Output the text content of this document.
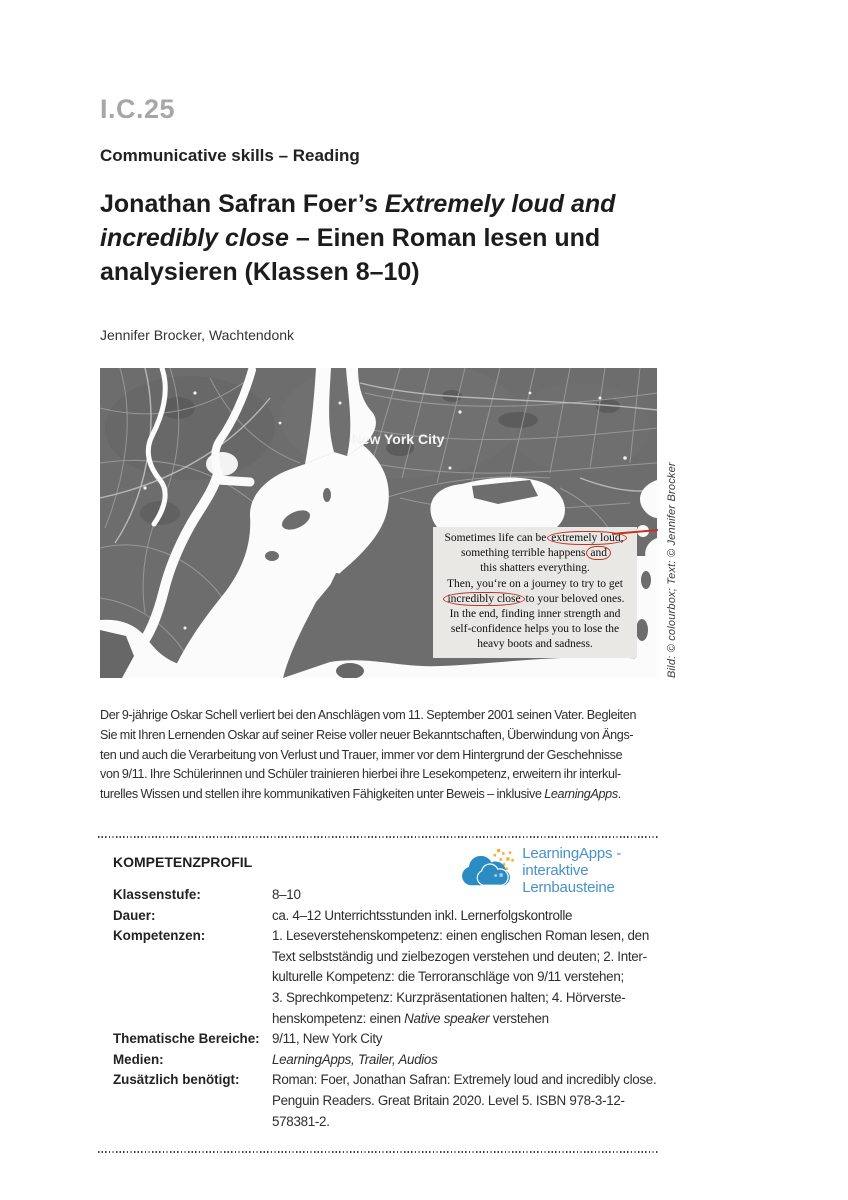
I.C.25
Communicative skills – Reading
Jonathan Safran Foer’s Extremely loud and
incredibly close – Einen Roman lesen und
analysieren (Klassen 8–10)
Jennifer Brocker, Wachtendonk
New York City
Sometimes life can be extremely loud,
something terrible happens and
this shatters everything.
Then, you‘re on a journey to try to get
incredibly close to your beloved ones.
In the end, finding inner strength and
self-confidence helps you to lose the
heavy boots and sadness.	Bild: © colourbox; Text: © Jennifer Brocker
Der 9-jährige Oskar Schell verliert bei den Anschlägen vom 11. September 2001 seinen Vater. Begleiten
Sie mit Ihren Lernenden Oskar auf seiner Reise voller neuer Bekanntschaften, Überwindung von Ängs-
ten und auch die Verarbeitung von Verlust und Trauer, immer vor dem Hintergrund der Geschehnisse
von 9/11. Ihre Schülerinnen und Schüler trainieren hierbei ihre Lesekompetenz, erweitern ihr interkul-
turelles Wissen und stellen ihre kommunikativen Fähigkeiten unter Beweis – inklusive LearningApps.
KOMPETENZPROFIL
Klassenstufe:	8–10
Dauer:	ca. 4–12 Unterrichtsstunden inkl. Lernerfolgskontrolle
Kompetenzen:	1. Leseverstehenskompetenz: einen englischen Roman lesen, den
Text selbstständig und zielbezogen verstehen und deuten; 2. Inter-
kulturelle Kompetenz: die Terroranschläge von 9/11 verstehen;
3. Sprechkompetenz: Kurzpräsentationen halten; 4. Hörverste-
henskompetenz: einen Native speaker verstehen
Thematische Bereiche: 9/11, New York City
Medien:	LearningApps, Trailer, Audios
Zusätzlich benötigt:	Roman: Foer, Jonathan Safran: Extremely loud and incredibly close.
Penguin Readers. Great Britain 2020. Level 5. ISBN 978-3-12-
578381-2.
LearningApps -
interaktive Lernbausteine
